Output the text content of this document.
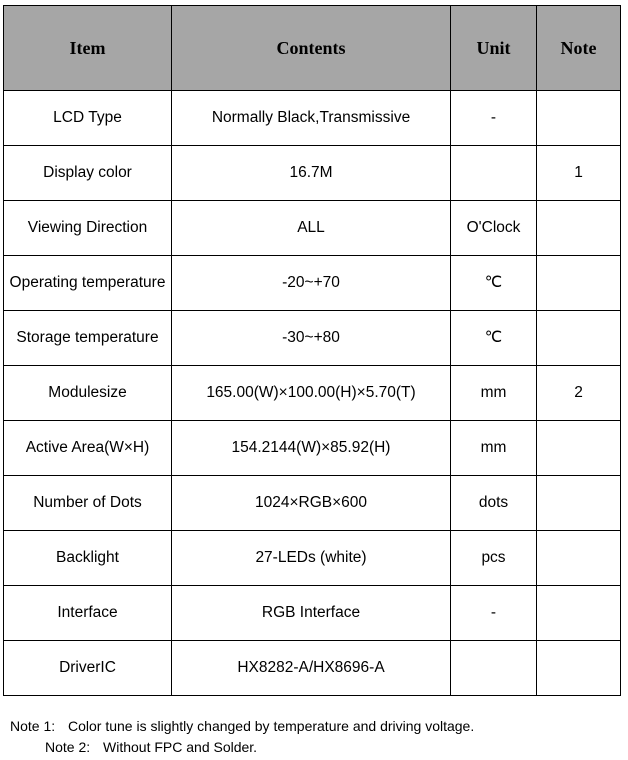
Item	Contents	Unit	Note
LCD Type	Normally Black,Transmissive	-	
Display color	16.7M		1
Viewing Direction	ALL	O'Clock	
Operating temperature	-20~+70	℃	
Storage temperature	-30~+80	℃	
Modulesize	165.00(W)×100.00(H)×5.70(T)	mm	2
Active Area(W×H)	154.2144(W)×85.92(H)	mm	
Number of Dots	1024×RGB×600	dots	
Backlight	27-LEDs (white)	pcs	
Interface	RGB Interface	-	
DriverIC	HX8282-A/HX8696-A		
Note 1: Color tune is slightly changed by temperature and driving voltage.
Note 2: Without FPC and Solder.
